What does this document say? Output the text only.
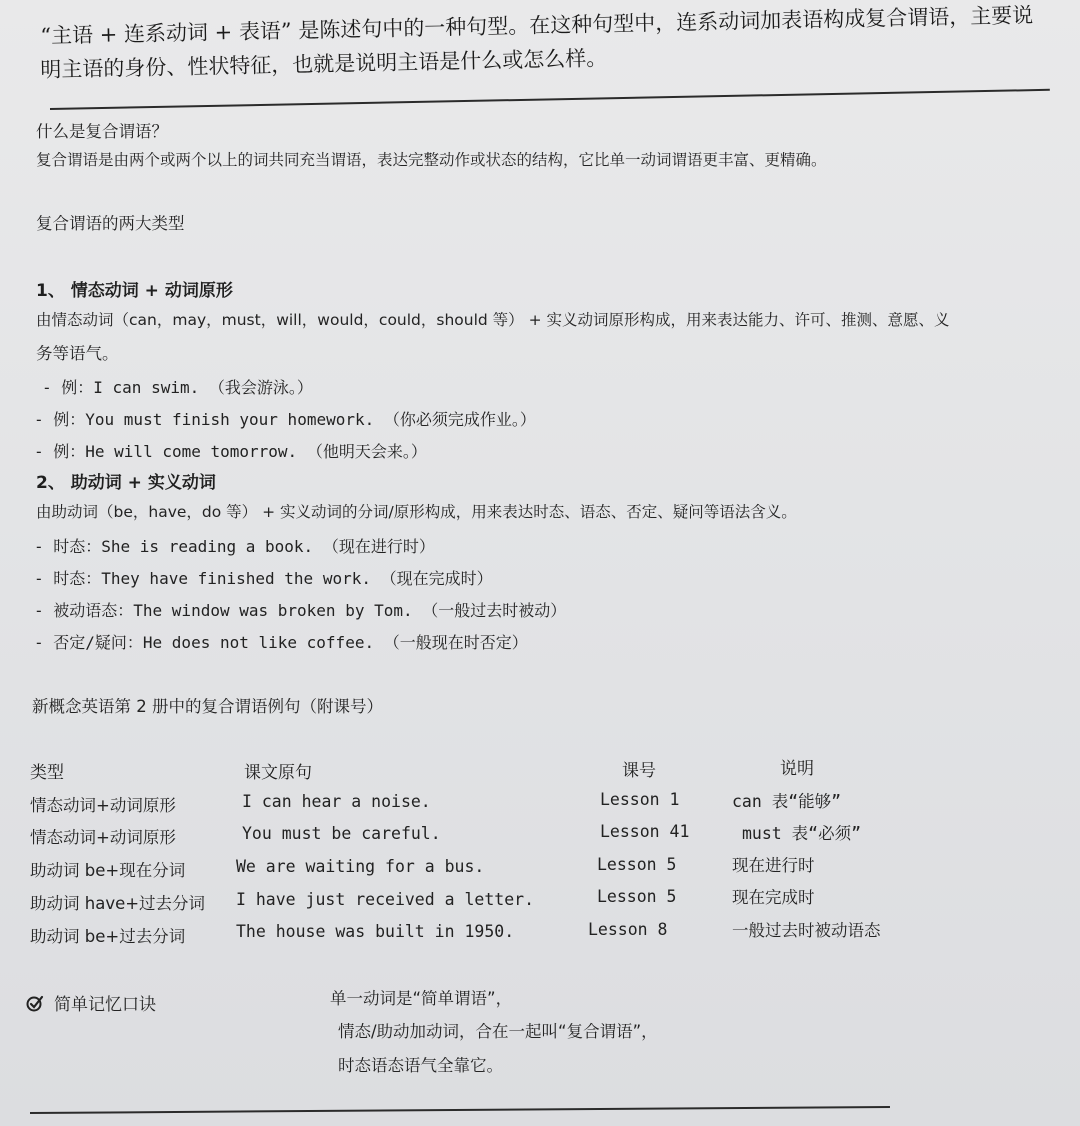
“主语 + 连系动词 + 表语” 是陈述句中的一种句型。在这种句型中，连系动词加表语构成复合谓语，主要说
明主语的身份、性状特征，也就是说明主语是什么或怎么样。
什么是复合谓语？
复合谓语是由两个或两个以上的词共同充当谓语，表达完整动作或状态的结构，它比单一动词谓语更丰富、更精确。
复合谓语的两大类型
1、 情态动词 + 动词原形
由情态动词（can，may，must，will，would，could，should 等） + 实义动词原形构成，用来表达能力、许可、推测、意愿、义
务等语气。
- 例：I can swim. （我会游泳。）
- 例：You must finish your homework. （你必须完成作业。）
- 例：He will come tomorrow. （他明天会来。）
2、 助动词 + 实义动词
由助动词（be，have，do 等） + 实义动词的分词/原形构成，用来表达时态、语态、否定、疑问等语法含义。
- 时态：She is reading a book. （现在进行时）
- 时态：They have finished the work. （现在完成时）
- 被动语态：The window was broken by Tom. （一般过去时被动）
- 否定/疑问：He does not like coffee. （一般现在时否定）
新概念英语第 2 册中的复合谓语例句（附课号）
类型	课文原句	课号	说明
情态动词+动词原形	I can hear a noise.	Lesson 1	can 表“能够”
情态动词+动词原形	You must be careful.	Lesson 41	must 表“必须”
助动词 be+现在分词	We are waiting for a bus.	Lesson 5	现在进行时
助动词 have+过去分词 I have just received a letter.	Lesson 5	现在完成时
助动词 be+过去分词	The house was built in 1950.	Lesson 8	一般过去时被动语态
简单记忆口诀	单一动词是“简单谓语”，
情态/助动加动词，合在一起叫“复合谓语”，
时态语态语气全靠它。
